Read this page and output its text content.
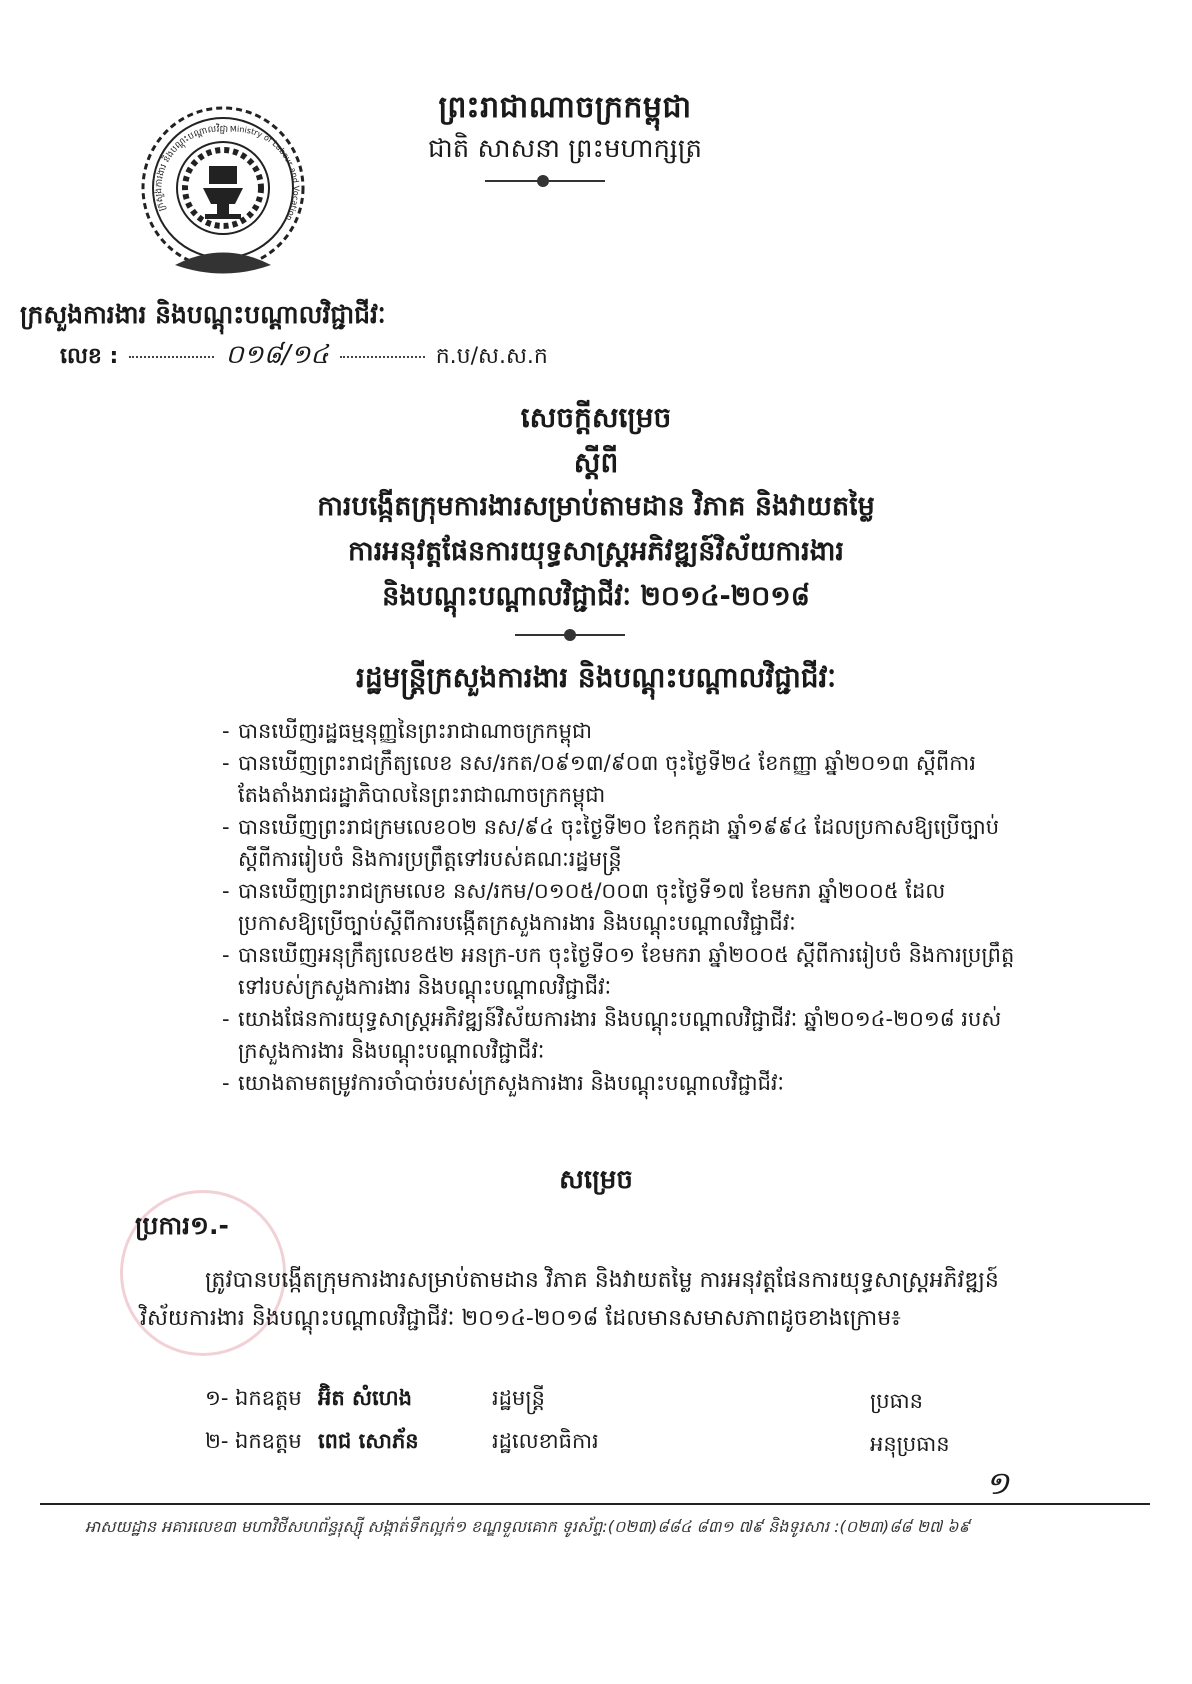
ព្រះរាជាណាចក្រកម្ពុជា
ជាតិ សាសនា ព្រះមហាក្សត្រ
ក្រសួងការងារ និងបណ្តុះបណ្តាលវិជ្ជាជីវៈ
Ministry of Labour and Vocation
ក្រសួងការងារ និងបណ្តុះបណ្តាលវិជ្ជាជីវៈ
លេខ :	០១៨/១៤	ក.ប/ស.ស.ក
សេចក្តីសម្រេច
ស្តីពី
ការបង្កើតក្រុមការងារសម្រាប់តាមដាន វិភាគ និងវាយតម្លៃ
ការអនុវត្តផែនការយុទ្ធសាស្ត្រអភិវឌ្ឍន៍វិស័យការងារ
និងបណ្តុះបណ្តាលវិជ្ជាជីវៈ ២០១៤-២០១៨
រដ្ឋមន្ត្រីក្រសួងការងារ និងបណ្តុះបណ្តាលវិជ្ជាជីវៈ
- បានឃើញរដ្ឋធម្មនុញ្ញនៃព្រះរាជាណាចក្រកម្ពុជា
- បានឃើញព្រះរាជក្រឹត្យលេខ នស/រកត/០៩១៣/៩០៣ ចុះថ្ងៃទី២៤ ខែកញ្ញា ឆ្នាំ២០១៣ ស្តីពីការតែងតាំងរាជរដ្ឋាភិបាលនៃព្រះរាជាណាចក្រកម្ពុជា
- បានឃើញព្រះរាជក្រមលេខ០២ នស/៩៤ ចុះថ្ងៃទី២០ ខែកក្កដា ឆ្នាំ១៩៩៤ ដែលប្រកាសឱ្យប្រើច្បាប់ស្តីពីការរៀបចំ និងការប្រព្រឹត្តទៅរបស់គណៈរដ្ឋមន្ត្រី
- បានឃើញព្រះរាជក្រមលេខ នស/រកម/០១០៥/០០៣ ចុះថ្ងៃទី១៧ ខែមករា ឆ្នាំ២០០៥ ដែលប្រកាសឱ្យប្រើច្បាប់ស្តីពីការបង្កើតក្រសួងការងារ និងបណ្តុះបណ្តាលវិជ្ជាជីវៈ
- បានឃើញអនុក្រឹត្យលេខ៥២ អនក្រ-បក ចុះថ្ងៃទី០១ ខែមករា ឆ្នាំ២០០៥ ស្តីពីការរៀបចំ និងការប្រព្រឹត្តទៅរបស់ក្រសួងការងារ និងបណ្តុះបណ្តាលវិជ្ជាជីវៈ
- យោងផែនការយុទ្ធសាស្ត្រអភិវឌ្ឍន៍វិស័យការងារ និងបណ្តុះបណ្តាលវិជ្ជាជីវៈ ឆ្នាំ២០១៤-២០១៨ របស់ក្រសួងការងារ និងបណ្តុះបណ្តាលវិជ្ជាជីវៈ
- យោងតាមតម្រូវការចាំបាច់របស់ក្រសួងការងារ និងបណ្តុះបណ្តាលវិជ្ជាជីវៈ
សម្រេច
ប្រការ១.-
ត្រូវបានបង្កើតក្រុមការងារសម្រាប់តាមដាន វិភាគ និងវាយតម្លៃ ការអនុវត្តផែនការយុទ្ធសាស្ត្រអភិវឌ្ឍន៍វិស័យការងារ និងបណ្តុះបណ្តាលវិជ្ជាជីវៈ ២០១៤-២០១៨ ដែលមានសមាសភាពដូចខាងក្រោម៖
១- ឯកឧត្តម អ៊ិត សំហេង	រដ្ឋមន្ត្រី	ប្រធាន
២- ឯកឧត្តម ពេជ សោភ័ន	រដ្ឋលេខាធិការ	អនុប្រធាន
១
អាសយដ្ឋាន អគារលេខ៣ មហាវិថីសហព័ន្ធរុស្ស៊ី សង្កាត់ទឹកល្អក់១ ខណ្ឌទួលគោក ទូរស័ព្ទ:(០២៣)៨៨៤ ៨៣១ ៧៩ និងទូរសារ :(០២៣)៨៨ ២៧ ៦៩
